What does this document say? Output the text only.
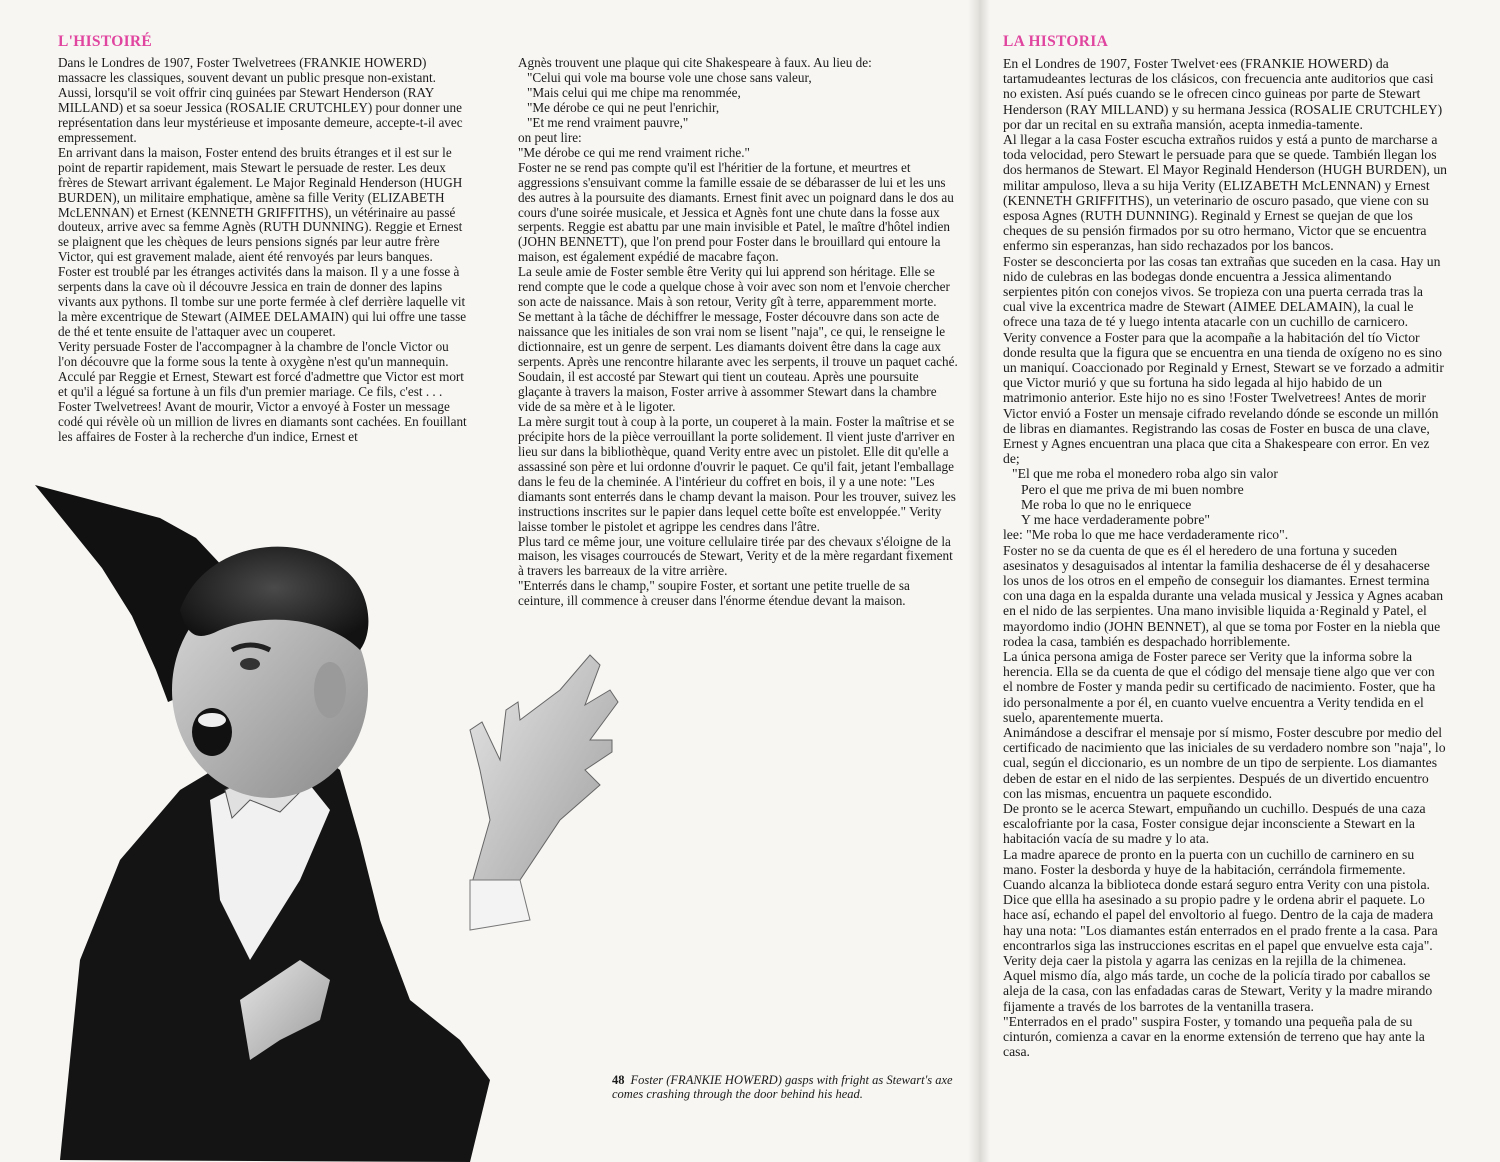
L'HISTOIRÉ

Dans le Londres de 1907, Foster Twelvetrees (FRANKIE HOWERD) massacre les classiques, souvent devant un public presque non-existant. Aussi, lorsqu'il se voit offrir cinq guinées par Stewart Henderson (RAY MILLAND) et sa soeur Jessica (ROSALIE CRUTCHLEY) pour donner une représentation dans leur mystérieuse et imposante demeure, accepte-t-il avec empressement.

En arrivant dans la maison, Foster entend des bruits étranges et il est sur le point de repartir rapidement, mais Stewart le persuade de rester. Les deux frères de Stewart arrivant également. Le Major Reginald Henderson (HUGH BURDEN), un militaire emphatique, amène sa fille Verity (ELIZABETH McLENNAN) et Ernest (KENNETH GRIFFITHS), un vétérinaire au passé douteux, arrive avec sa femme Agnès (RUTH DUNNING). Reggie et Ernest se plaignent que les chèques de leurs pensions signés par leur autre frère Victor, qui est gravement malade, aient été renvoyés par leurs banques.

Foster est troublé par les étranges activités dans la maison. Il y a une fosse à serpents dans la cave où il découvre Jessica en train de donner des lapins vivants aux pythons. Il tombe sur une porte fermée à clef derrière laquelle vit la mère excentrique de Stewart (AIMEE DELAMAIN) qui lui offre une tasse de thé et tente ensuite de l'attaquer avec un couperet.

Verity persuade Foster de l'accompagner à la chambre de l'oncle Victor ou l'on découvre que la forme sous la tente à oxygène n'est qu'un mannequin. Acculé par Reggie et Ernest, Stewart est forcé d'admettre que Victor est mort et qu'il a légué sa fortune à un fils d'un premier mariage. Ce fils, c'est . . . Foster Twelvetrees! Avant de mourir, Victor a envoyé à Foster un message codé qui révèle où un million de livres en diamants sont cachées. En fouillant les affaires de Foster à la recherche d'un indice, Ernest et

Agnès trouvent une plaque qui cite Shakespeare à faux. Au lieu de:

"Celui qui vole ma bourse vole une chose sans valeur,

"Mais celui qui me chipe ma renommée,

"Me dérobe ce qui ne peut l'enrichir,

"Et me rend vraiment pauvre,"

on peut lire:

"Me dérobe ce qui me rend vraiment riche."

Foster ne se rend pas compte qu'il est l'héritier de la fortune, et meurtres et aggressions s'ensuivant comme la famille essaie de se débarasser de lui et les uns des autres à la poursuite des diamants. Ernest finit avec un poignard dans le dos au cours d'une soirée musicale, et Jessica et Agnès font une chute dans la fosse aux serpents. Reggie est abattu par une main invisible et Patel, le maître d'hôtel indien (JOHN BENNETT), que l'on prend pour Foster dans le brouillard qui entoure la maison, est également expédié de macabre façon.

La seule amie de Foster semble être Verity qui lui apprend son héritage. Elle se rend compte que le code a quelque chose à voir avec son nom et l'envoie chercher son acte de naissance. Mais à son retour, Verity gît à terre, apparemment morte.

Se mettant à la tâche de déchiffrer le message, Foster découvre dans son acte de naissance que les initiales de son vrai nom se lisent "naja", ce qui, le renseigne le dictionnaire, est un genre de serpent. Les diamants doivent être dans la cage aux serpents. Après une rencontre hilarante avec les serpents, il trouve un paquet caché.

Soudain, il est accosté par Stewart qui tient un couteau. Après une poursuite glaçante à travers la maison, Foster arrive à assommer Stewart dans la chambre vide de sa mère et à le ligoter.

La mère surgit tout à coup à la porte, un couperet à la main. Foster la maîtrise et se précipite hors de la pièce verrouillant la porte solidement. Il vient juste d'arriver en lieu sur dans la bibliothèque, quand Verity entre avec un pistolet. Elle dit qu'elle a assassiné son père et lui ordonne d'ouvrir le paquet. Ce qu'il fait, jetant l'emballage dans le feu de la cheminée. A l'intérieur du coffret en bois, il y a une note: "Les diamants sont enterrés dans le champ devant la maison. Pour les trouver, suivez les instructions inscrites sur le papier dans lequel cette boîte est enveloppée." Verity laisse tomber le pistolet et agrippe les cendres dans l'âtre.

Plus tard ce même jour, une voiture cellulaire tirée par des chevaux s'éloigne de la maison, les visages courroucés de Stewart, Verity et de la mère regardant fixement à travers les barreaux de la vitre arrière.

"Enterrés dans le champ," soupire Foster, et sortant une petite truelle de sa ceinture, ill commence à creuser dans l'énorme étendue devant la maison.

48 Foster (FRANKIE HOWERD) gasps with fright as Stewart's axe comes crashing through the door behind his head.
LA HISTORIA

En el Londres de 1907, Foster Twelvet·ees (FRANKIE HOWERD) da tartamudeantes lecturas de los clásicos, con frecuencia ante auditorios que casi no existen. Así pués cuando se le ofrecen cinco guineas por parte de Stewart Henderson (RAY MILLAND) y su hermana Jessica (ROSALIE CRUTCHLEY) por dar un recital en su extraña mansión, acepta inmedia-tamente.

Al llegar a la casa Foster escucha extraños ruidos y está a punto de marcharse a toda velocidad, pero Stewart le persuade para que se quede. También llegan los dos hermanos de Stewart. El Mayor Reginald Henderson (HUGH BURDEN), un militar ampuloso, lleva a su hija Verity (ELIZABETH McLENNAN) y Ernest (KENNETH GRIFFITHS), un veterinario de oscuro pasado, que viene con su esposa Agnes (RUTH DUNNING). Reginald y Ernest se quejan de que los cheques de su pensión firmados por su otro hermano, Victor que se encuentra enfermo sin esperanzas, han sido rechazados por los bancos.

Foster se desconcierta por las cosas tan extrañas que suceden en la casa. Hay un nido de culebras en las bodegas donde encuentra a Jessica alimentando serpientes pitón con conejos vivos. Se tropieza con una puerta cerrada tras la cual vive la excentrica madre de Stewart (AIMEE DELAMAIN), la cual le ofrece una taza de té y luego intenta atacarle con un cuchillo de carnicero.

Verity convence a Foster para que la acompañe a la habitación del tío Victor donde resulta que la figura que se encuentra en una tienda de oxígeno no es sino un maniquí. Coaccionado por Reginald y Ernest, Stewart se ve forzado a admitir que Victor murió y que su fortuna ha sido legada al hijo habido de un matrimonio anterior. Este hijo no es sino !Foster Twelvetrees! Antes de morir Victor envió a Foster un mensaje cifrado revelando dónde se esconde un millón de libras en diamantes. Registrando las cosas de Foster en busca de una clave, Ernest y Agnes encuentran una placa que cita a Shakespeare con error. En vez de;

"El que me roba el monedero roba algo sin valor

Pero el que me priva de mi buen nombre

Me roba lo que no le enriquece

Y me hace verdaderamente pobre"

lee: "Me roba lo que me hace verdaderamente rico".

Foster no se da cuenta de que es él el heredero de una fortuna y suceden asesinatos y desaguisados al intentar la familia deshacerse de él y desahacerse los unos de los otros en el empeño de conseguir los diamantes. Ernest termina con una daga en la espalda durante una velada musical y Jessica y Agnes acaban en el nido de las serpientes. Una mano invisible liquida a·Reginald y Patel, el mayordomo indio (JOHN BENNET), al que se toma por Foster en la niebla que rodea la casa, también es despachado horriblemente.

La única persona amiga de Foster parece ser Verity que la informa sobre la herencia. Ella se da cuenta de que el código del mensaje tiene algo que ver con el nombre de Foster y manda pedir su certificado de nacimiento. Foster, que ha ido personalmente a por él, en cuanto vuelve encuentra a Verity tendida en el suelo, aparentemente muerta.

Animándose a descifrar el mensaje por sí mismo, Foster descubre por medio del certificado de nacimiento que las iniciales de su verdadero nombre son "naja", lo cual, según el diccionario, es un nombre de un tipo de serpiente. Los diamantes deben de estar en el nido de las serpientes. Después de un divertido encuentro con las mismas, encuentra un paquete escondido.

De pronto se le acerca Stewart, empuñando un cuchillo. Después de una caza escalofriante por la casa, Foster consigue dejar inconsciente a Stewart en la habitación vacía de su madre y lo ata.

La madre aparece de pronto en la puerta con un cuchillo de carninero en su mano. Foster la desborda y huye de la habitación, cerrándola firmemente. Cuando alcanza la biblioteca donde estará seguro entra Verity con una pistola. Dice que ellla ha asesinado a su propio padre y le ordena abrir el paquete. Lo hace así, echando el papel del envoltorio al fuego. Dentro de la caja de madera hay una nota: "Los diamantes están enterrados en el prado frente a la casa. Para encontrarlos siga las instrucciones escritas en el papel que envuelve esta caja". Verity deja caer la pistola y agarra las cenizas en la rejilla de la chimenea.

Aquel mismo día, algo más tarde, un coche de la policía tirado por caballos se aleja de la casa, con las enfadadas caras de Stewart, Verity y la madre mirando fijamente a través de los barrotes de la ventanilla trasera.

"Enterrados en el prado" suspira Foster, y tomando una pequeña pala de su cinturón, comienza a cavar en la enorme extensión de terreno que hay ante la casa.
